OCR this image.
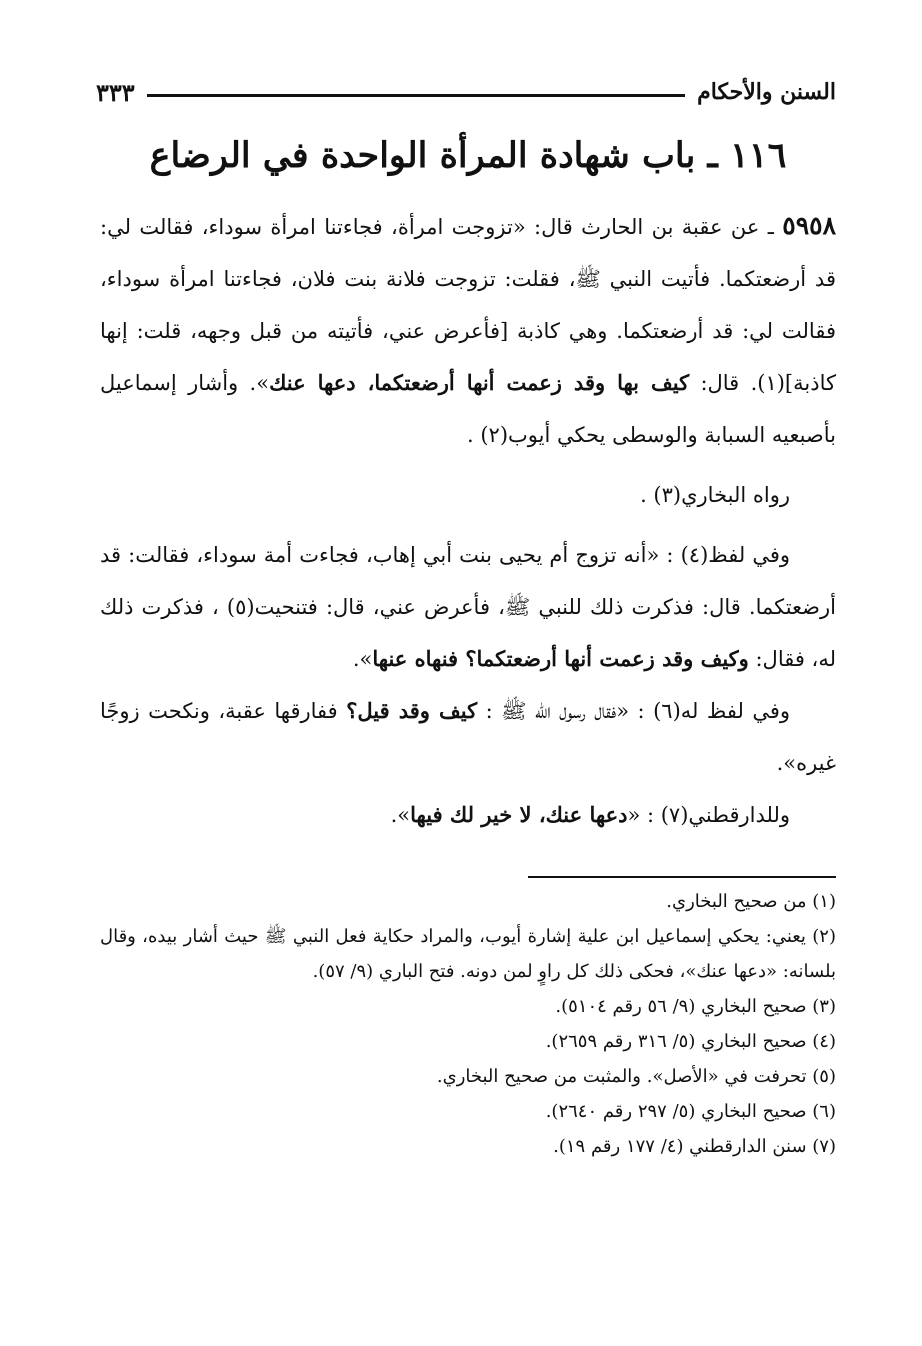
السنن والأحكام
٣٣٣
١١٦ ـ باب شهادة المرأة الواحدة في الرضاع

٥٩٥٨ ـ عن عقبة بن الحارث قال: «تزوجت امرأة، فجاءتنا امرأة سوداء، فقالت لي: قد أرضعتكما. فأتيت النبي ﷺ، فقلت: تزوجت فلانة بنت فلان، فجاءتنا امرأة سوداء، فقالت لي: قد أرضعتكما. وهي كاذبة [فأعرض عني، فأتيته من قبل وجهه، قلت: إنها كاذبة](١). قال: كيف بها وقد زعمت أنها أرضعتكما، دعها عنك». وأشار إسماعيل بأصبعيه السبابة والوسطى يحكي أيوب(٢) .

رواه البخاري(٣) .

وفي لفظ(٤) : «أنه تزوج أم يحيى بنت أبي إهاب، فجاءت أمة سوداء، فقالت: قد أرضعتكما. قال: فذكرت ذلك للنبي ﷺ، فأعرض عني، قال: فتنحيت(٥) ، فذكرت ذلك له، فقال: وكيف وقد زعمت أنها أرضعتكما؟ فنهاه عنها».

وفي لفظ له(٦) : «فقال رسول الله ﷺ : كيف وقد قيل؟ ففارقها عقبة، ونكحت زوجًا غيره».

وللدارقطني(٧) : «دعها عنك، لا خير لك فيها».

(١) من صحيح البخاري.

(٢) يعني: يحكي إسماعيل ابن علية إشارة أيوب، والمراد حكاية فعل النبي ﷺ حيث أشار بيده، وقال بلسانه: «دعها عنك»، فحكى ذلك كل راوٍ لمن دونه. فتح الباري (٩/ ٥٧).

(٣) صحيح البخاري (٩/ ٥٦ رقم ٥١٠٤).

(٤) صحيح البخاري (٥/ ٣١٦ رقم ٢٦٥٩).

(٥) تحرفت في «الأصل». والمثبت من صحيح البخاري.

(٦) صحيح البخاري (٥/ ٢٩٧ رقم ٢٦٤٠).

(٧) سنن الدارقطني (٤/ ١٧٧ رقم ١٩).
